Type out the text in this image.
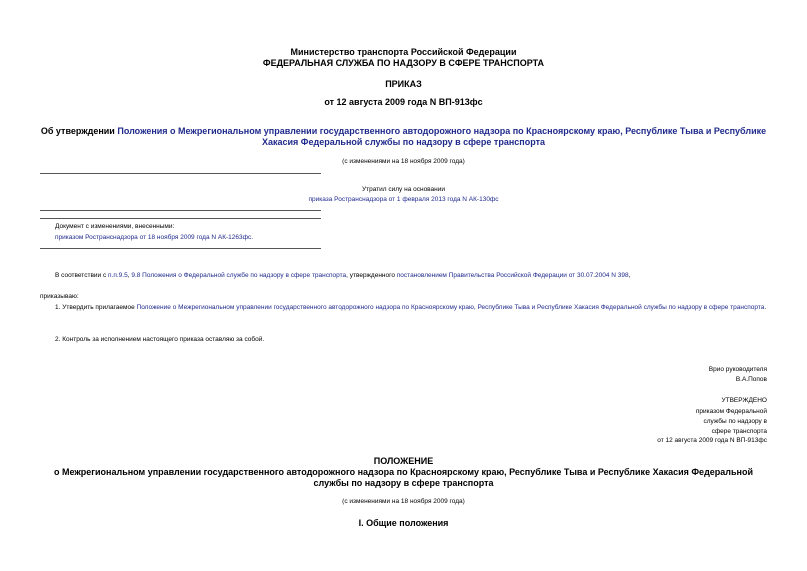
Министерство транспорта Российской Федерации
ФЕДЕРАЛЬНАЯ СЛУЖБА ПО НАДЗОРУ В СФЕРЕ ТРАНСПОРТА
ПРИКАЗ
от 12 августа 2009 года N ВП-913фс
Об утверждении Положения о Межрегиональном управлении государственного автодорожного надзора по Красноярскому краю, Республике Тыва и Республике Хакасия Федеральной службы по надзору в сфере транспорта
(с изменениями на 18 ноября 2009 года)
Утратил силу на основании
приказа Ространснадзора от 1 февраля 2013 года N АК-130фс
Документ с изменениями, внесенными:
приказом Ространснадзора от 18 ноября 2009 года N АК-1263фс.
В соответствии с п.п.9.5, 9.8 Положения о Федеральной службе по надзору в сфере транспорта, утвержденного постановлением Правительства Российской Федерации от 30.07.2004 N 398,
приказываю:
1. Утвердить прилагаемое Положение о Межрегиональном управлении государственного автодорожного надзора по Красноярскому краю, Республике Тыва и Республике Хакасия Федеральной службы по надзору в сфере транспорта.
2. Контроль за исполнением настоящего приказа оставляю за собой.
Врио руководителя
В.А.Попов
УТВЕРЖДЕНО
приказом Федеральной
службы по надзору в
сфере транспорта
от 12 августа 2009 года N ВП-913фс
ПОЛОЖЕНИЕ
о Межрегиональном управлении государственного автодорожного надзора по Красноярскому краю, Республике Тыва и Республике Хакасия Федеральной службы по надзору в сфере транспорта
(с изменениями на 18 ноября 2009 года)
I. Общие положения
